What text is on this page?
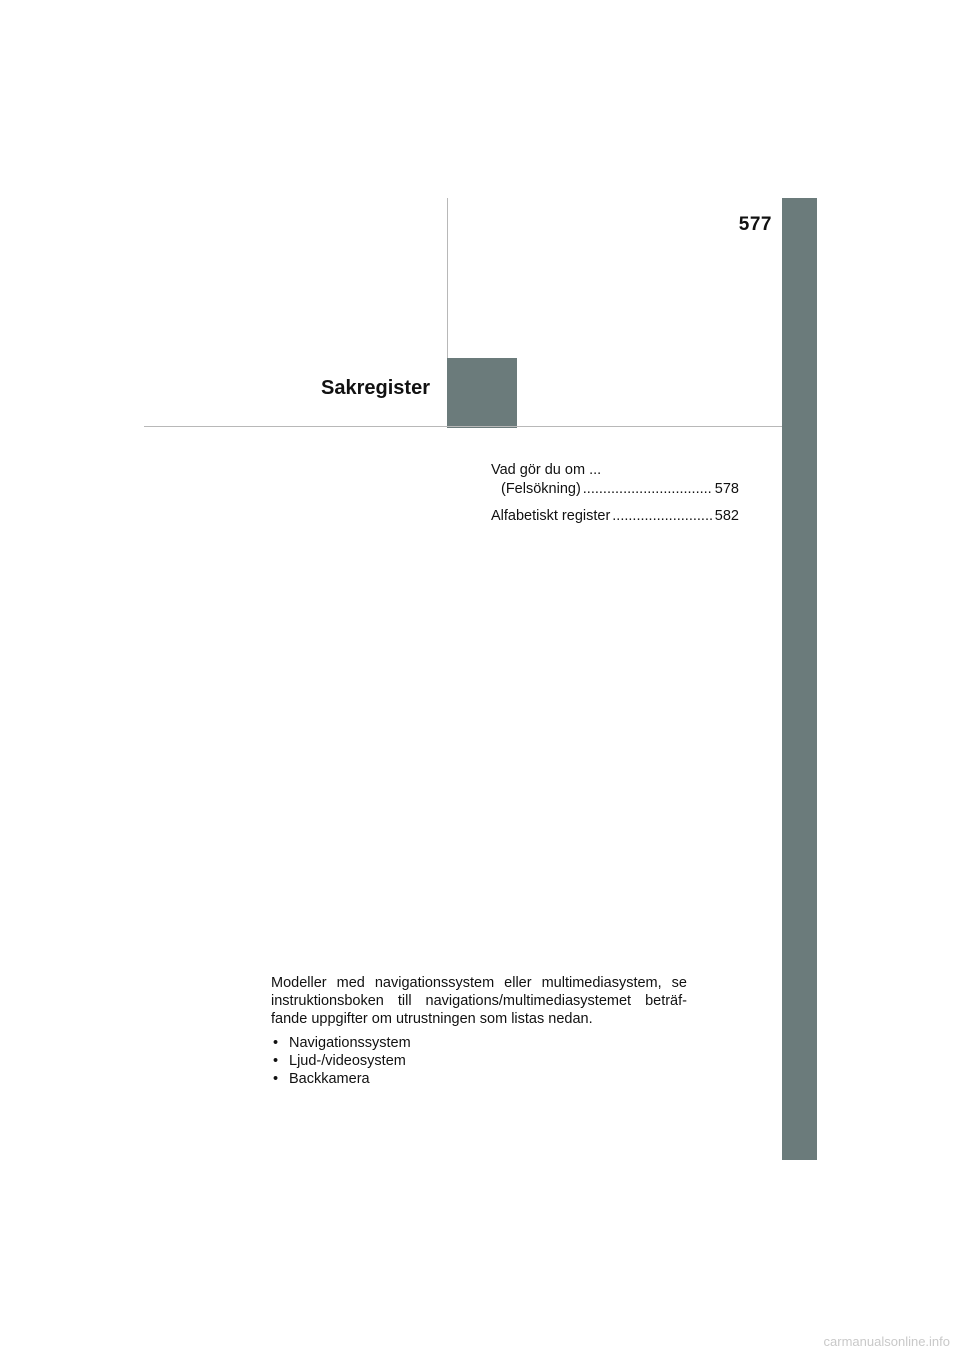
577
Sakregister
Vad gör du om ...
(Felsökning) .....	578
Alfabetiskt register .....	582

Modeller med navigationssystem eller multimediasystem, se instruktionsboken till navigations/multimediasystemet beträffande uppgifter om utrustningen som listas nedan.

• Navigationssystem
• Ljud-/videosystem
• Backkamera
carmanualsonline.info
